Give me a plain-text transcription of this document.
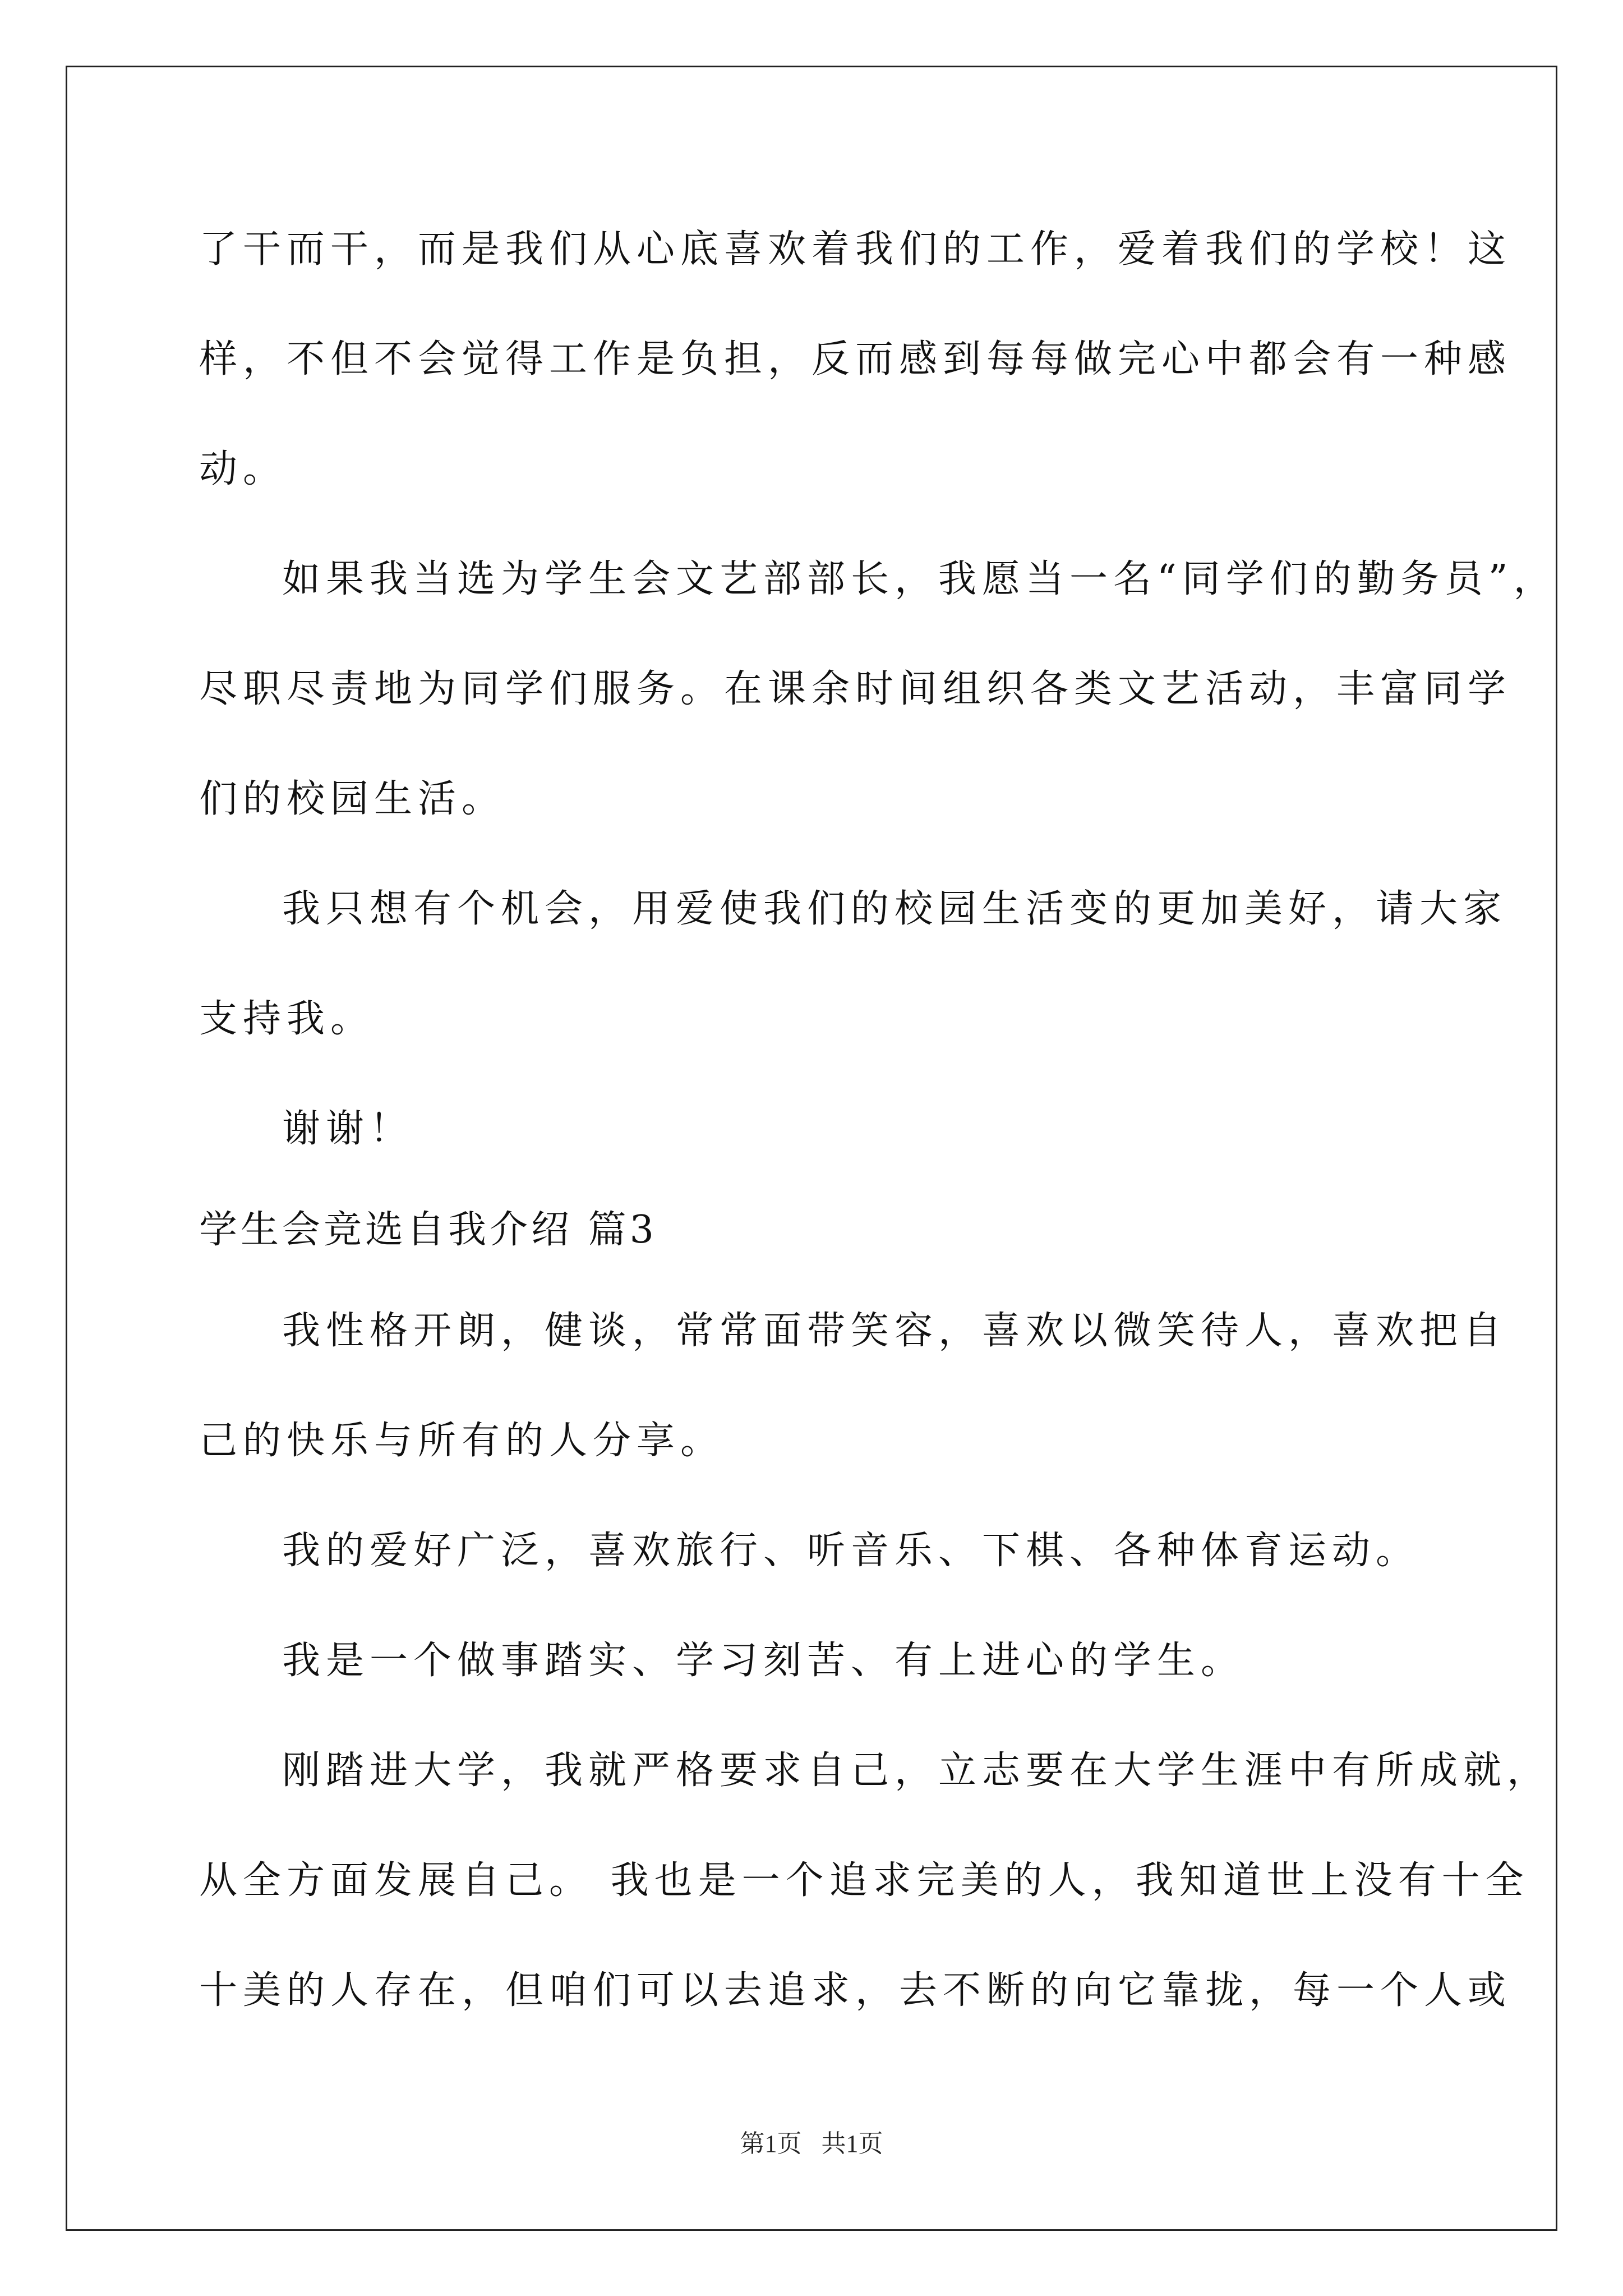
了干而干，而是我们从心底喜欢着我们的工作，爱着我们的学校！这
样，不但不会觉得工作是负担，反而感到每每做完心中都会有一种感
动。
如果我当选为学生会文艺部部长，我愿当一名“同学们的勤务员”，
尽职尽责地为同学们服务。在课余时间组织各类文艺活动，丰富同学
们的校园生活。
我只想有个机会，用爱使我们的校园生活变的更加美好，请大家
支持我。
谢谢！
学生会竞选自我介绍 篇3
我性格开朗，健谈，常常面带笑容，喜欢以微笑待人，喜欢把自
己的快乐与所有的人分享。
我的爱好广泛，喜欢旅行、听音乐、下棋、各种体育运动。
我是一个做事踏实、学习刻苦、有上进心的学生。
刚踏进大学，我就严格要求自己，立志要在大学生涯中有所成就，
从全方面发展自己。 我也是一个追求完美的人，我知道世上没有十全
十美的人存在，但咱们可以去追求，去不断的向它靠拢，每一个人或
第1页 共1页
